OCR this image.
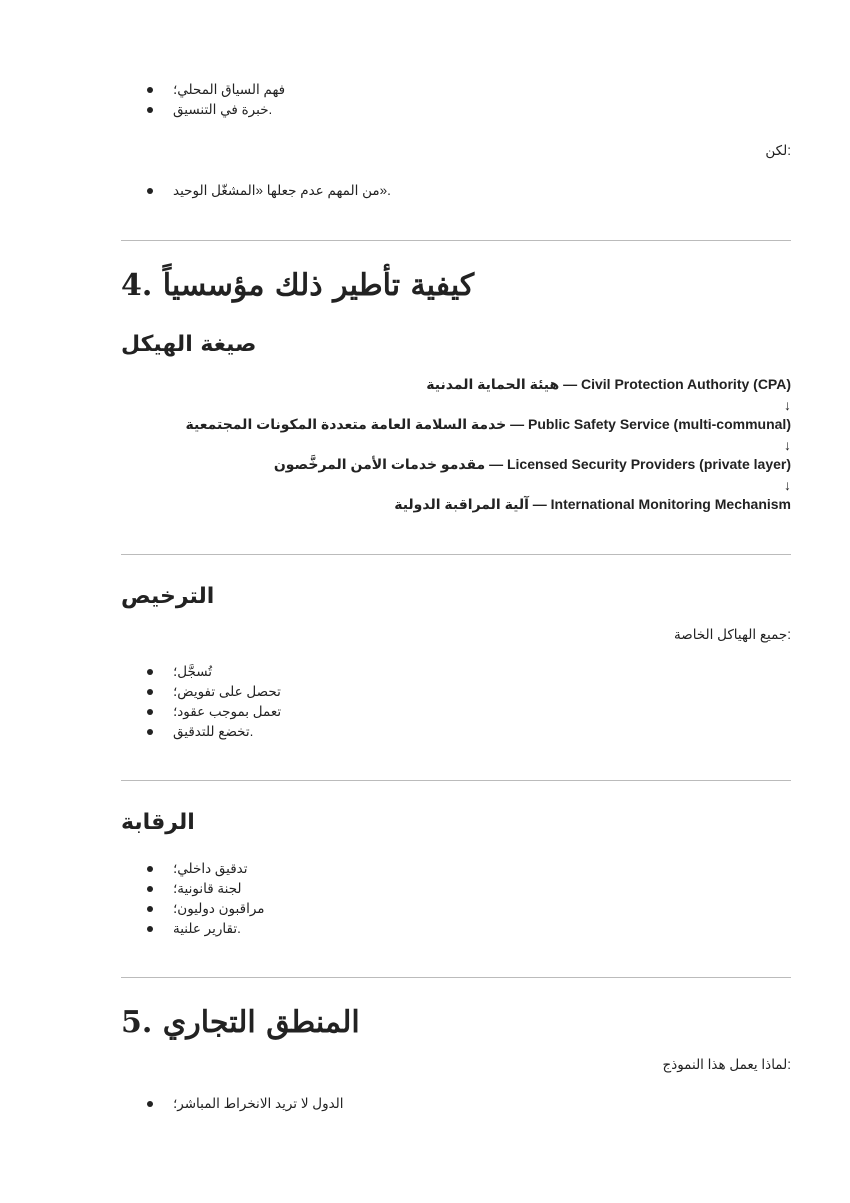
فهم السياق المحلي؛
خبرة في التنسيق.
لكن:
من المهم عدم جعلها «المشغّل الوحيد».
4. كيفية تأطير ذلك مؤسسياً
صيغة الهيكل
هيئة الحماية المدنية — Civil Protection Authority (CPA)
↓
خدمة السلامة العامة متعددة المكونات المجتمعية — Public Safety Service (multi-communal)
↓
مقدمو خدمات الأمن المرخَّصون — Licensed Security Providers (private layer)
↓
آلية المراقبة الدولية — International Monitoring Mechanism
الترخيص
جميع الهياكل الخاصة:
تُسجَّل؛
تحصل على تفويض؛
تعمل بموجب عقود؛
تخضع للتدقيق.
الرقابة
تدقيق داخلي؛
لجنة قانونية؛
مراقبون دوليون؛
تقارير علنية.
5. المنطق التجاري
لماذا يعمل هذا النموذج:
الدول لا تريد الانخراط المباشر؛
